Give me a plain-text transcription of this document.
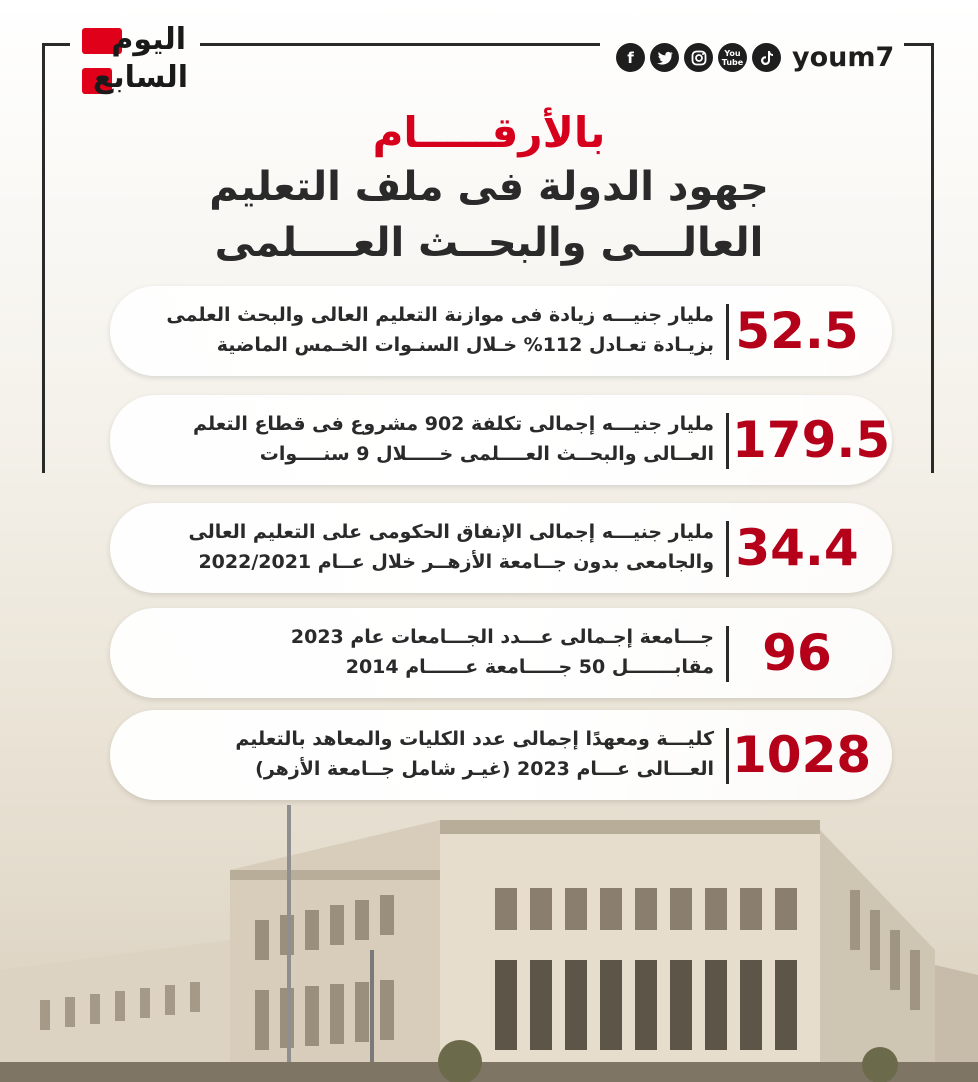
اليوم
السابع
f	You Tube youm7
بالأرقـــــام
جهود الدولة فى ملف التعليم
العالـــى والبحــث العــــلمى
مليار جنيـــه زيادة فى موازنة التعليم العالى والبحث العلمى
بزيـادة تعـادل 112% خـلال السنـوات الخـمس الماضية 52.5
مليار جنيـــه إجمالى تكلفة 902 مشروع فى قطاع التعلم
العــالى والبحــث العــــلمى خـــــلال 9 سنــــوات 179.5
مليار جنيـــه إجمالى الإنفاق الحكومى على التعليم العالى
والجامعى بدون جــامعة الأزهــر خلال عــام 2022/2021 34.4
جـــامعة إجـمالى عـــدد الجـــامعات عام 2023
مقابـــــــل 50 جـــــامعة عــــــام 2014 96
كليـــة ومعهدًا إجمالى عدد الكليات والمعاهد بالتعليم
العـــالى عـــام 2023 (غيـر شامل جــامعة الأزهر) 1028
